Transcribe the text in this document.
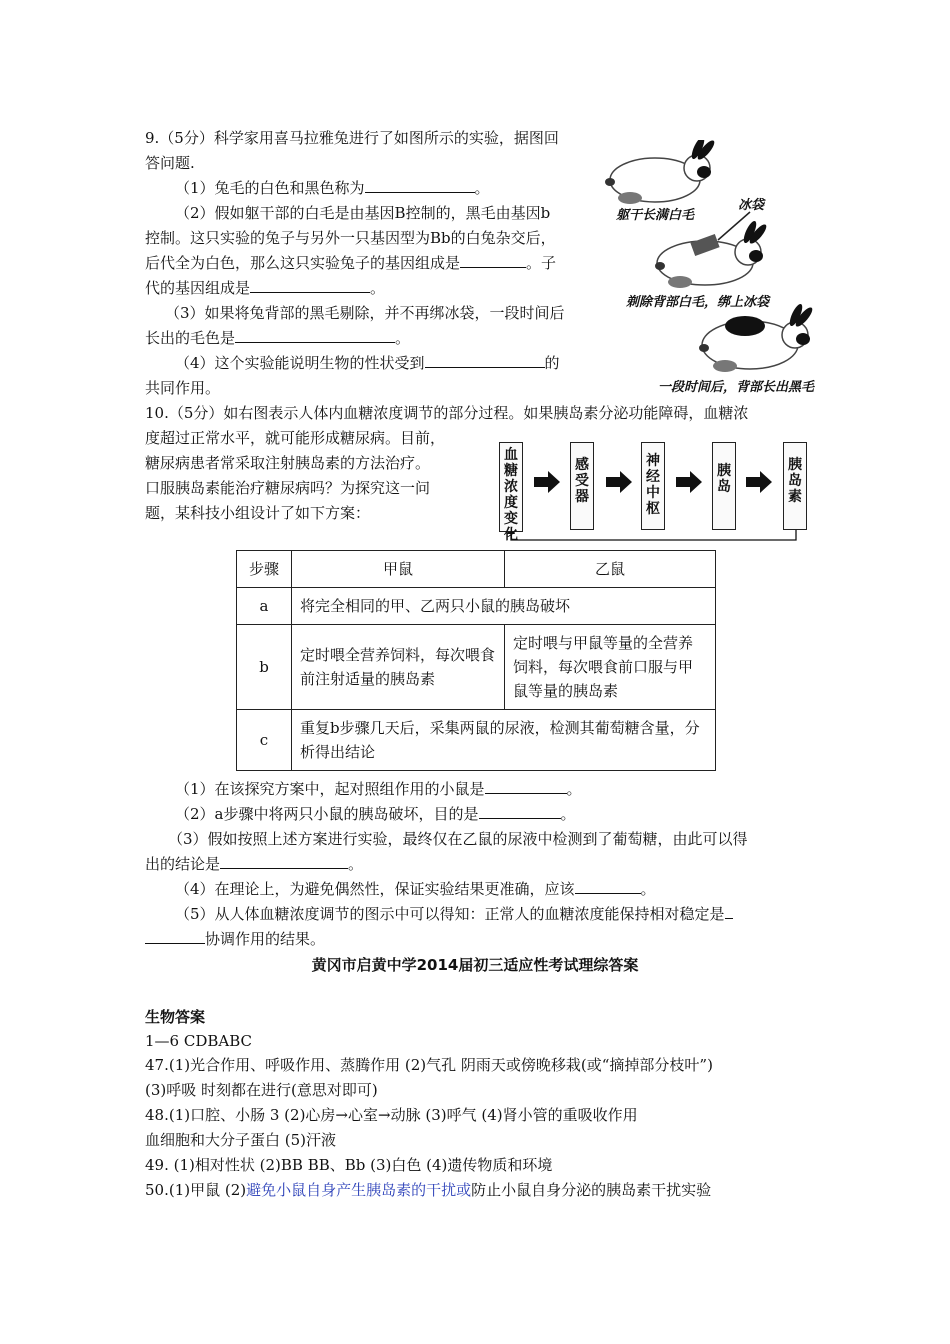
9.（5分）科学家用喜马拉雅兔进行了如图所示的实验，据图回
答问题.
（1）兔毛的白色和黑色称为	。
（2）假如躯干部的白毛是由基因B控制的，黑毛由基因b
控制。这只实验的兔子与另外一只基因型为Bb的白兔杂交后，
后代全为白色，那么这只实验兔子的基因组成是	。子
代的基因组成是	。
（3）如果将兔背部的黑毛剔除，并不再绑冰袋，一段时间后
长出的毛色是	。
（4）这个实验能说明生物的性状受到	的
共同作用。
躯干长满白毛
冰袋
剃除背部白毛，绑上冰袋
一段时间后，背部长出黑毛
10.（5分）如右图表示人体内血糖浓度调节的部分过程。如果胰岛素分泌功能障碍，血糖浓
度超过正常水平，就可能形成糖尿病。目前，
糖尿病患者常采取注射胰岛素的方法治疗。
口服胰岛素能治疗糖尿病吗？为探究这一问
题，某科技小组设计了如下方案：
血
糖
浓
度
变
化
感
受
器
神
经
中
枢
胰
岛
胰
岛
素
步骤	甲鼠	乙鼠
a	将完全相同的甲、乙两只小鼠的胰岛破坏	
b	定时喂全营养饲料，每次喂食前注射适量的胰岛素	定时喂与甲鼠等量的全营养饲料，每次喂食前口服与甲鼠等量的胰岛素
c	重复b步骤几天后，采集两鼠的尿液，检测其葡萄糖含量，分析得出结论	
（1）在该探究方案中，起对照组作用的小鼠是	。
（2）a步骤中将两只小鼠的胰岛破坏，目的是	。
（3）假如按照上述方案进行实验，最终仅在乙鼠的尿液中检测到了葡萄糖，由此可以得
出的结论是	。
（4）在理论上，为避免偶然性，保证实验结果更准确，应该	。
（5）从人体血糖浓度调节的图示中可以得知：正常人的血糖浓度能保持相对稳定是
协调作用的结果。
黄冈市启黄中学2014届初三适应性考试理综答案
生物答案
1—6 CDBABC
47.(1)光合作用、呼吸作用、蒸腾作用 (2)气孔 阴雨天或傍晚移栽(或“摘掉部分枝叶”)
(3)呼吸 时刻都在进行(意思对即可)
48.(1)口腔、小肠 3 (2)心房→心室→动脉 (3)呼气 (4)肾小管的重吸收作用
血细胞和大分子蛋白 (5)汗液
49. (1)相对性状 (2)BB BB、Bb (3)白色 (4)遗传物质和环境
50.(1)甲鼠 (2)避免小鼠自身产生胰岛素的干扰或防止小鼠自身分泌的胰岛素干扰实验
